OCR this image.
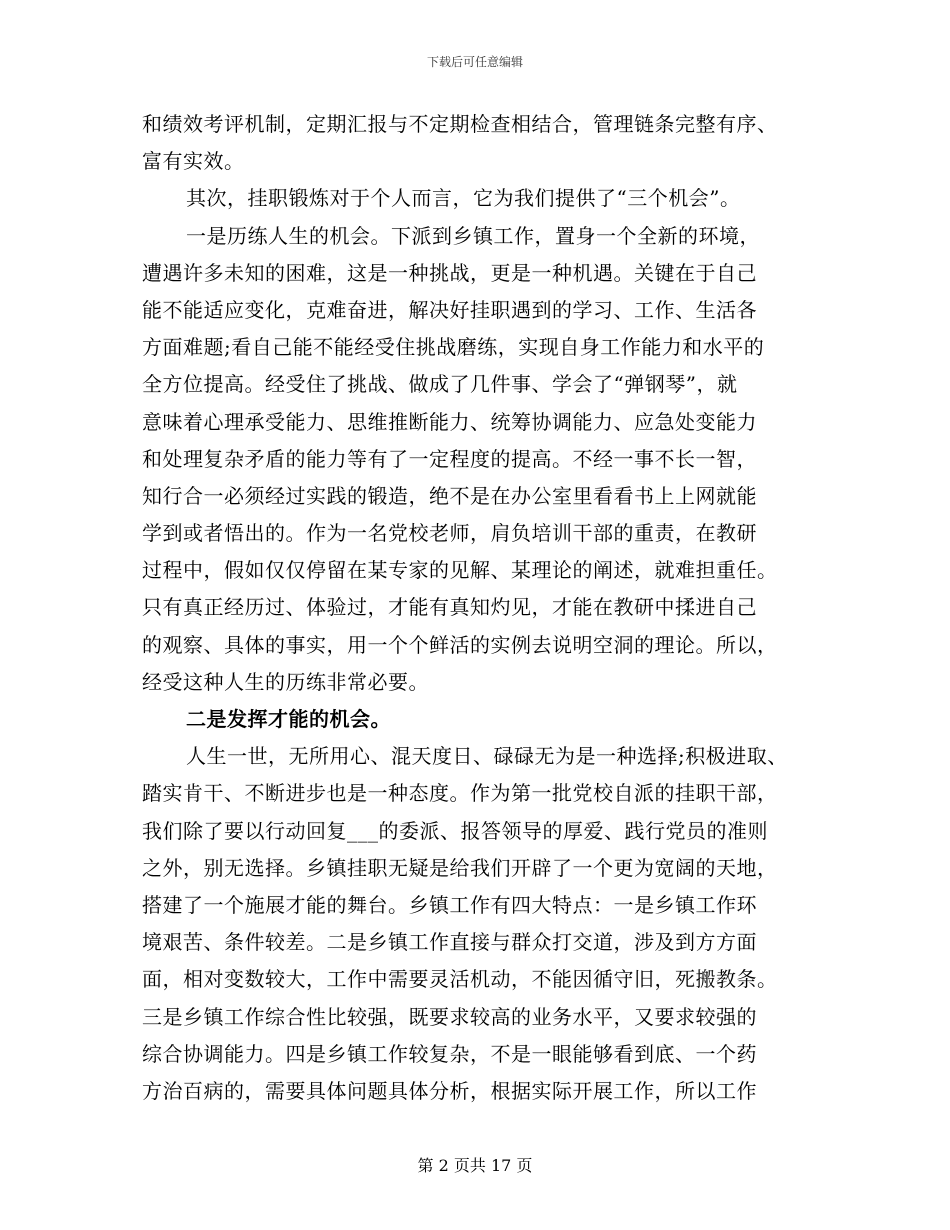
下载后可任意编辑
和绩效考评机制，定期汇报与不定期检查相结合，管理链条完整有序、
富有实效。
其次，挂职锻炼对于个人而言，它为我们提供了“三个机会”。
一是历练人生的机会。下派到乡镇工作，置身一个全新的环境，
遭遇许多未知的困难，这是一种挑战，更是一种机遇。关键在于自己
能不能适应变化，克难奋进，解决好挂职遇到的学习、工作、生活各
方面难题;看自己能不能经受住挑战磨练，实现自身工作能力和水平的
全方位提高。经受住了挑战、做成了几件事、学会了“弹钢琴”，就
意味着心理承受能力、思维推断能力、统筹协调能力、应急处变能力
和处理复杂矛盾的能力等有了一定程度的提高。不经一事不长一智，
知行合一必须经过实践的锻造，绝不是在办公室里看看书上上网就能
学到或者悟出的。作为一名党校老师，肩负培训干部的重责，在教研
过程中，假如仅仅停留在某专家的见解、某理论的阐述，就难担重任。
只有真正经历过、体验过，才能有真知灼见，才能在教研中揉进自己
的观察、具体的事实，用一个个鲜活的实例去说明空洞的理论。所以，
经受这种人生的历练非常必要。
二是发挥才能的机会。
人生一世，无所用心、混天度日、碌碌无为是一种选择;积极进取、
踏实肯干、不断进步也是一种态度。作为第一批党校自派的挂职干部，
我们除了要以行动回复___的委派、报答领导的厚爱、践行党员的准则
之外，别无选择。乡镇挂职无疑是给我们开辟了一个更为宽阔的天地，
搭建了一个施展才能的舞台。乡镇工作有四大特点：一是乡镇工作环
境艰苦、条件较差。二是乡镇工作直接与群众打交道，涉及到方方面
面，相对变数较大，工作中需要灵活机动，不能因循守旧，死搬教条。
三是乡镇工作综合性比较强，既要求较高的业务水平，又要求较强的
综合协调能力。四是乡镇工作较复杂，不是一眼能够看到底、一个药
方治百病的，需要具体问题具体分析，根据实际开展工作，所以工作
第 2 页共 17 页
